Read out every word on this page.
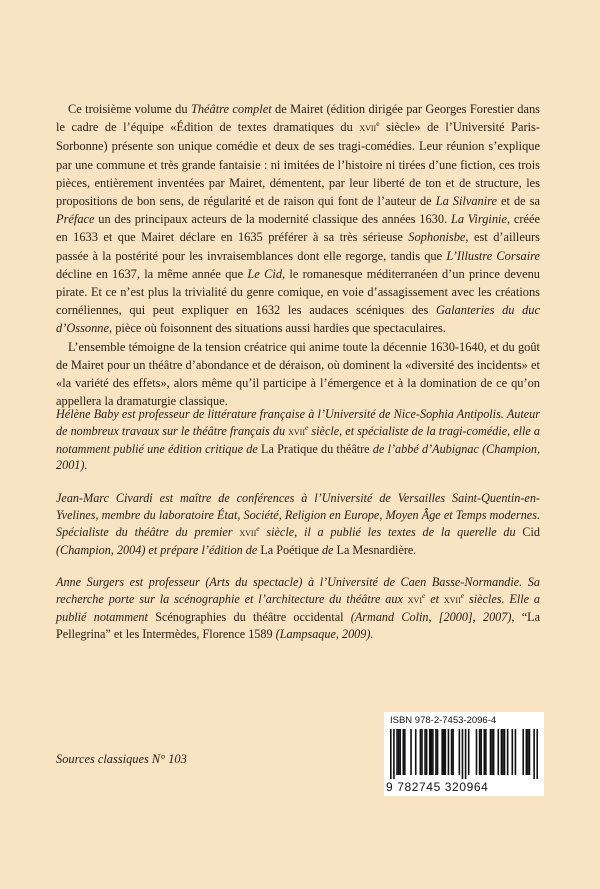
Ce troisième volume du Théâtre complet de Mairet (édition dirigée par Georges Forestier dans le cadre de l’équipe «Édition de textes dramatiques du xvii$^e$ siècle» de l’Université Paris-Sorbonne) présente son unique comédie et deux de ses tragi-comédies. Leur réunion s’explique par une commune et très grande fantaisie : ni imitées de l’histoire ni tirées d’une fiction, ces trois pièces, entièrement inventées par Mairet, démentent, par leur liberté de ton et de structure, les propositions de bon sens, de régularité et de raison qui font de l’auteur de La Silvanire et de sa Préface un des principaux acteurs de la modernité classique des années 1630. La Virginie, créée en 1633 et que Mairet déclare en 1635 préférer à sa très sérieuse Sophonisbe, est d’ailleurs passée à la postérité pour les invraisemblances dont elle regorge, tandis que L’Illustre Corsaire décline en 1637, la même année que Le Cid, le romanesque méditerranéen d’un prince devenu pirate. Et ce n’est plus la trivialité du genre comique, en voie d’assagissement avec les créations cornéliennes, qui peut expliquer en 1632 les audaces scéniques des Galanteries du duc d’Ossonne, pièce où foisonnent des situations aussi hardies que spectaculaires.

L’ensemble témoigne de la tension créatrice qui anime toute la décennie 1630-1640, et du goût de Mairet pour un théâtre d’abondance et de déraison, où dominent la «diversité des incidents» et «la variété des effets», alors même qu’il participe à l’émergence et à la domination de ce qu’on appellera la dramaturgie classique.

Hélène Baby est professeur de littérature française à l’Université de Nice-Sophia Antipolis. Auteur de nombreux travaux sur le théâtre français du xvii$^e$ siècle, et spécialiste de la tragi-comédie, elle a notamment publié une édition critique de La Pratique du théâtre de l’abbé d’Aubignac (Champion, 2001).

Jean-Marc Civardi est maître de conférences à l’Université de Versailles Saint-Quentin-en-Yvelines, membre du laboratoire État, Société, Religion en Europe, Moyen Âge et Temps modernes. Spécialiste du théâtre du premier xvii$^e$ siècle, il a publié les textes de la querelle du Cid (Champion, 2004) et prépare l’édition de La Poétique de La Mesnardière.

Anne Surgers est professeur (Arts du spectacle) à l’Université de Caen Basse-Normandie. Sa recherche porte sur la scénographie et l’architecture du théâtre aux xvi$^e$ et xvii$^e$ siècles. Elle a publié notamment Scénographies du théâtre occidental (Armand Colin, [2000], 2007), “La Pellegrina” et les Intermèdes, Florence 1589 (Lampsaque, 2009).

Sources classiques N° 103
ISBN 978-2-7453-2096-4
9 782745 320964
